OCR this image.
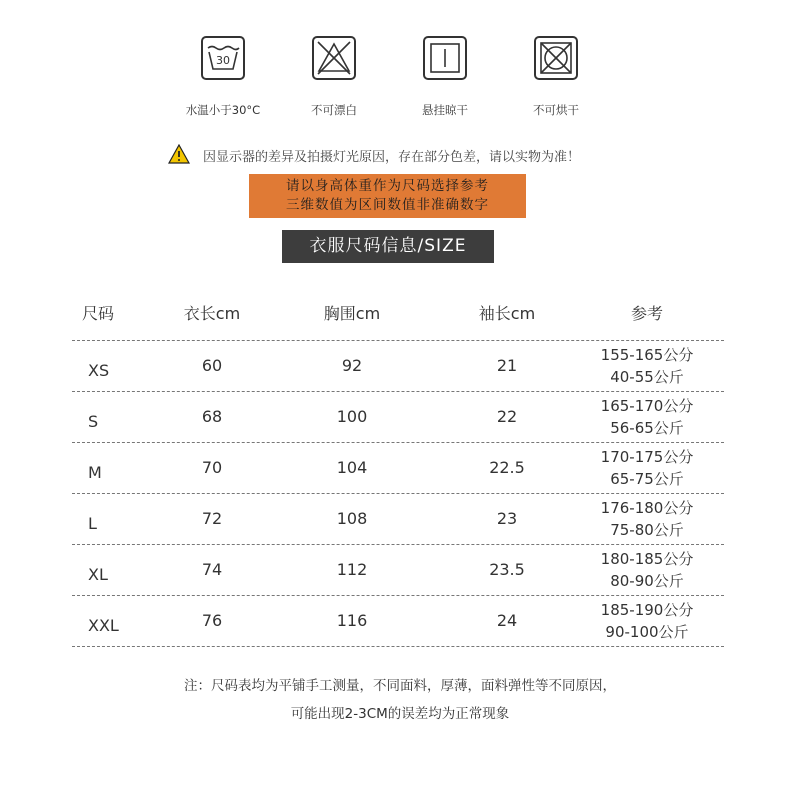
30
水温小于30°C	不可漂白	悬挂晾干	不可烘干
因显示器的差异及拍摄灯光原因，存在部分色差，请以实物为准！
请以身高体重作为尺码选择参考
三维数值为区间数值非准确数字
衣服尺码信息/SIZE
尺码	衣长cm	胸围cm	袖长cm	参考
XS	60	92	21
155-165公分
40-55公斤
S	68	100	22
165-170公分
56-65公斤
M	70	104	22.5
170-175公分
65-75公斤
L	72	108	23
176-180公分
75-80公斤
XL	74	112	23.5
180-185公分
80-90公斤
XXL	76	116	24
185-190公分
90-100公斤
注：尺码表均为平铺手工测量，不同面料，厚薄，面料弹性等不同原因，
可能出现2-3CM的误差均为正常现象
